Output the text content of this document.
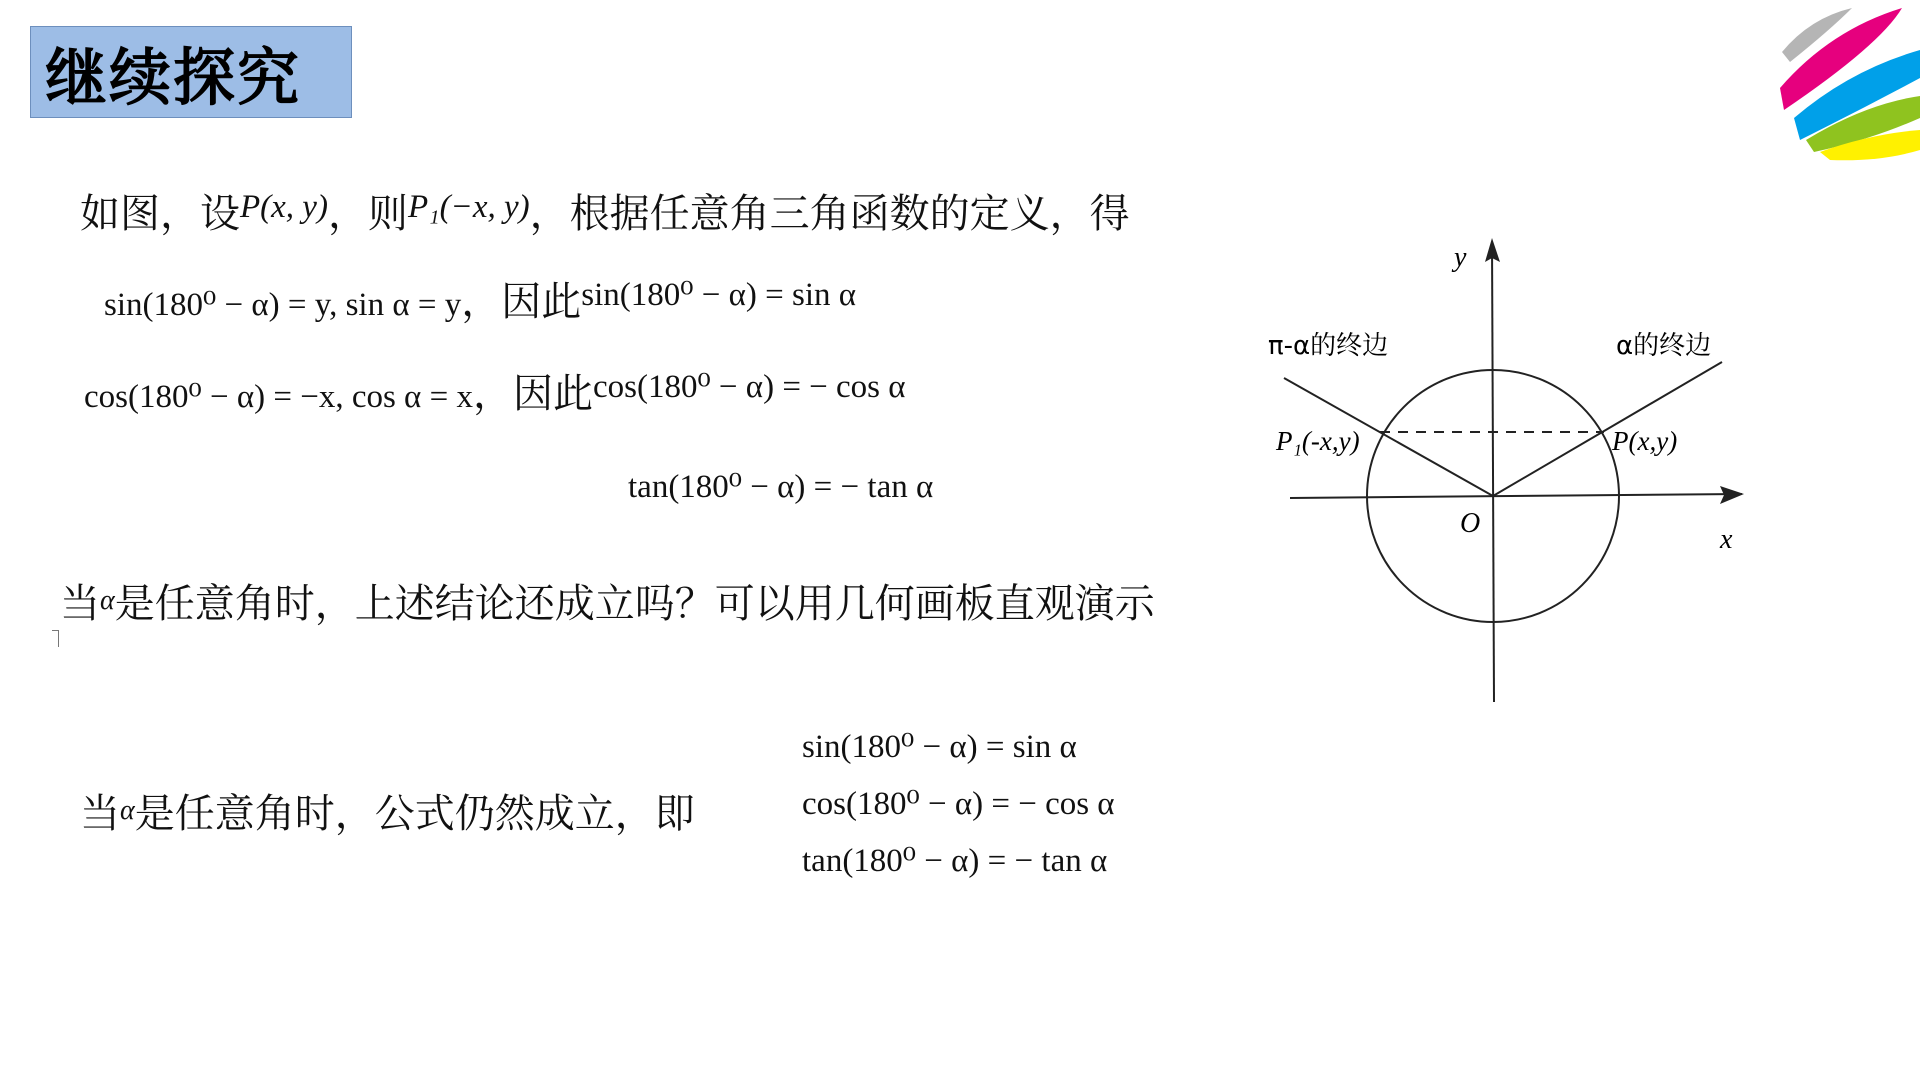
继续探究
如图，设P(x, y)，则P₁(−x, y)，根据任意角三角函数的定义，得
sin(180⁰ − α) = y, sin α = y，因此sin(180⁰ − α) = sin α
cos(180⁰ − α) = −x, cos α = x，因此cos(180⁰ − α) = − cos α
tan(180⁰ − α) = − tan α
当α是任意角时，上述结论还成立吗？可以用几何画板直观演示
当α是任意角时，公式仍然成立，即
sin(180⁰ − α) = sin α
cos(180⁰ − α) = − cos α
tan(180⁰ − α) = − tan α
y
x
O
π-α的终边	α的终边
P₁(-x,y)	P(x,y)
